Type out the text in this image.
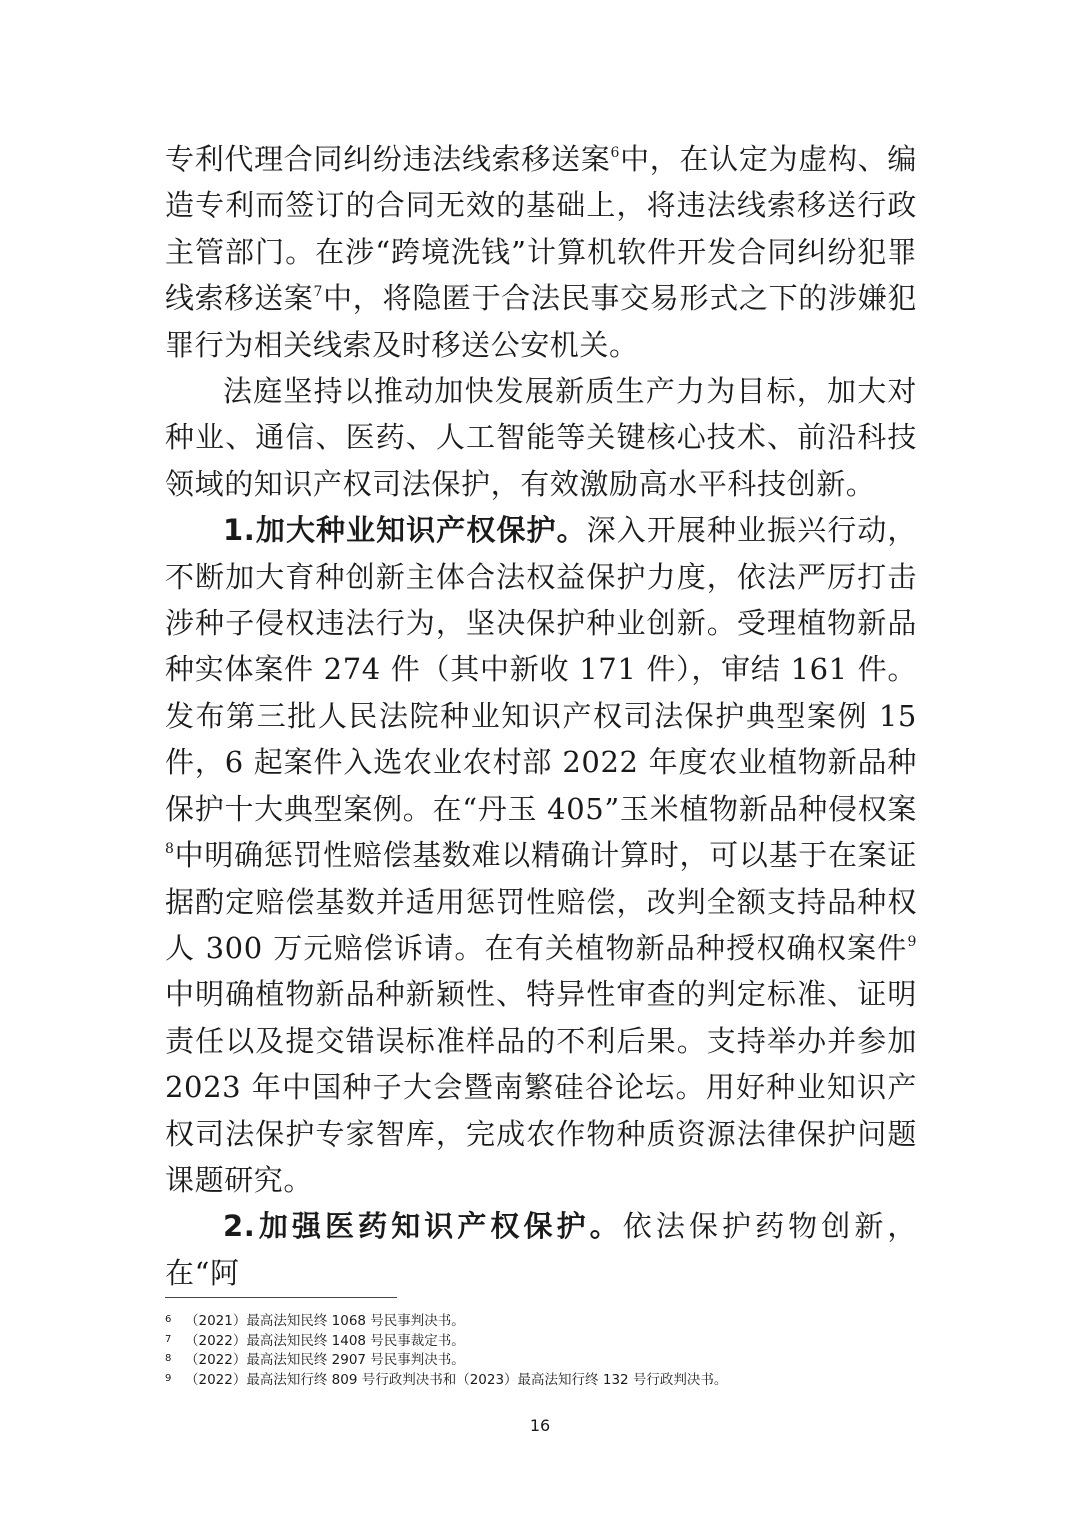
专利代理合同纠纷违法线索移送案$^6$中，在认定为虚构、编造专利而签订的合同无效的基础上，将违法线索移送行政主管部门。在涉“跨境洗钱”计算机软件开发合同纠纷犯罪线索移送案$^7$中，将隐匿于合法民事交易形式之下的涉嫌犯罪行为相关线索及时移送公安机关。

法庭坚持以推动加快发展新质生产力为目标，加大对种业、通信、医药、人工智能等关键核心技术、前沿科技领域的知识产权司法保护，有效激励高水平科技创新。

1.加大种业知识产权保护。深入开展种业振兴行动，不断加大育种创新主体合法权益保护力度，依法严厉打击涉种子侵权违法行为，坚决保护种业创新。受理植物新品种实体案件 274 件（其中新收 171 件），审结 161 件。发布第三批人民法院种业知识产权司法保护典型案例 15 件，6 起案件入选农业农村部 2022 年度农业植物新品种保护十大典型案例。在“丹玉 405”玉米植物新品种侵权案$^8$中明确惩罚性赔偿基数难以精确计算时，可以基于在案证据酌定赔偿基数并适用惩罚性赔偿，改判全额支持品种权人 300 万元赔偿诉请。在有关植物新品种授权确权案件$^9$中明确植物新品种新颖性、特异性审查的判定标准、证明责任以及提交错误标准样品的不利后果。支持举办并参加 2023 年中国种子大会暨南繁硅谷论坛。用好种业知识产权司法保护专家智库，完成农作物种质资源法律保护问题课题研究。

2.加强医药知识产权保护。依法保护药物创新，在“阿

6 （2021）最高法知民终 1068 号民事判决书。
7 （2022）最高法知民终 1408 号民事裁定书。
8 （2022）最高法知民终 2907 号民事判决书。
9 （2022）最高法知行终 809 号行政判决书和（2023）最高法知行终 132 号行政判决书。
16
